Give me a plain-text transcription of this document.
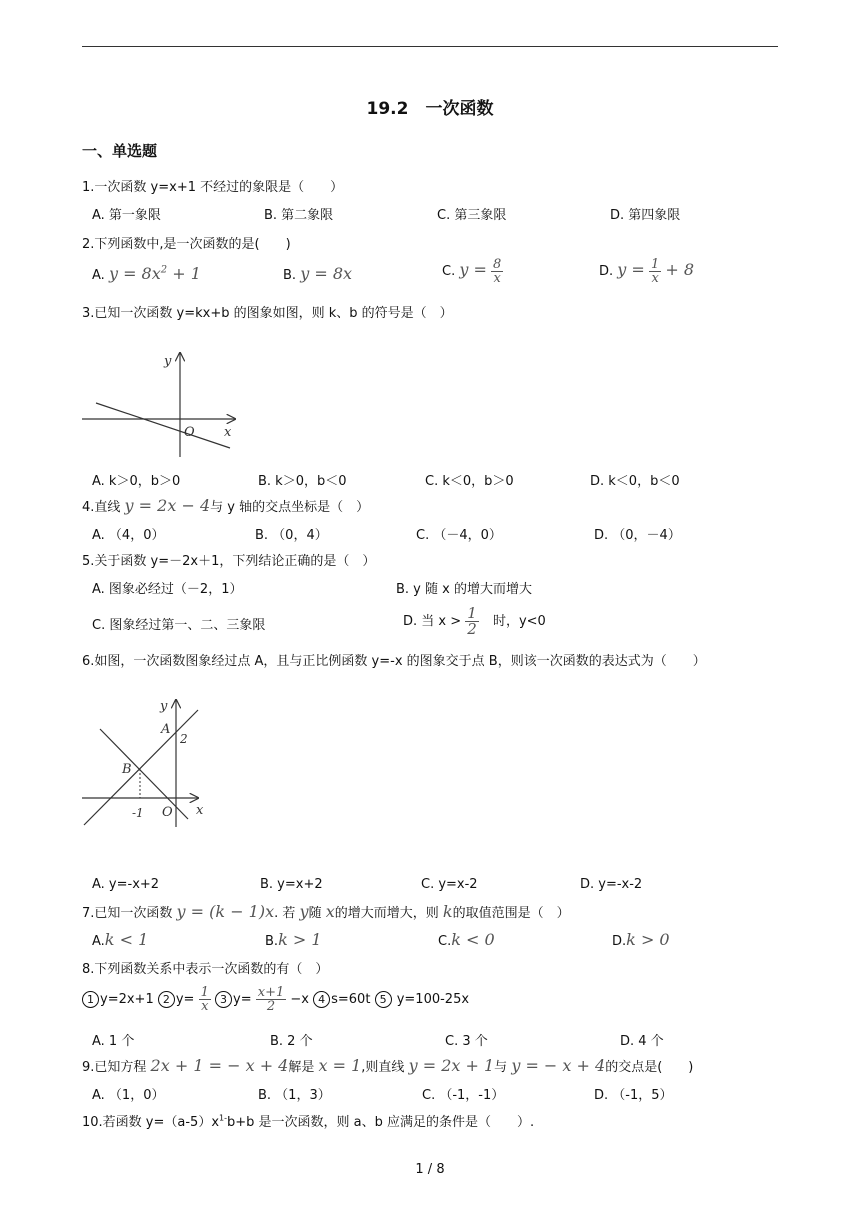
19.2　一次函数
一、单选题
1.一次函数 y=x+1 不经过的象限是（　　）
A. 第一象限	B. 第二象限	C. 第三象限	D. 第四象限
2.下列函数中,是一次函数的是(　　)
A. $y = 8x^2 + 1$	B. y = 8x	C. $y = \frac{8}{x}$	D. $y = \frac{1}{x} + 8$
3.已知一次函数 y=kx+b 的图象如图，则 k、b 的符号是（　）
y
x
O
A. k＞0，b＞0	B. k＞0，b＜0	C. k＜0，b＞0	D. k＜0，b＜0
4.直线 y = 2x − 4与 y 轴的交点坐标是（　）
A. （4，0）	B. （0，4）	C. （－4，0）	D. （0，－4）
5.关于函数 y=－2x＋1，下列结论正确的是（　）
A. 图象必经过（－2，1）	B. y 随 x 的增大而增大
C. 图象经过第一、二、三象限	D. 当 $x > \frac{1}{2}$ 时，y<0
6.如图，一次函数图象经过点 A，且与正比例函数 y=-x 的图象交于点 B，则该一次函数的表达式为（　　）
y
A
2
B
O
-1	x
A. y=-x+2	B. y=x+2	C. y=x-2	D. y=-x-2
7.已知一次函数 y = (k − 1)x. 若 y随 x的增大而增大，则 k的取值范围是（　）
A.k < 1	B.k > 1	C.k < 0	D.k > 0
8.下列函数关系中表示一次函数的有（　）
1 y=2x+1 2 $y= \frac{1}{x} 3$ $y= \frac{x+1}{2} -x$ 4 s=60t 5 y=100-25x
A. 1 个	B. 2 个	C. 3 个	D. 4 个
9.已知方程 2x + 1 = − x + 4解是 x = 1,则直线 y = 2x + 1与 y = − x + 4的交点是(　　)
A. （1，0）	B. （1，3）	C. （-1，-1）	D. （-1，5）
10.若函数 $y=(a-5)x^{1-}b+b$ 是一次函数，则 a、b 应满足的条件是（　　）.
1 / 8
